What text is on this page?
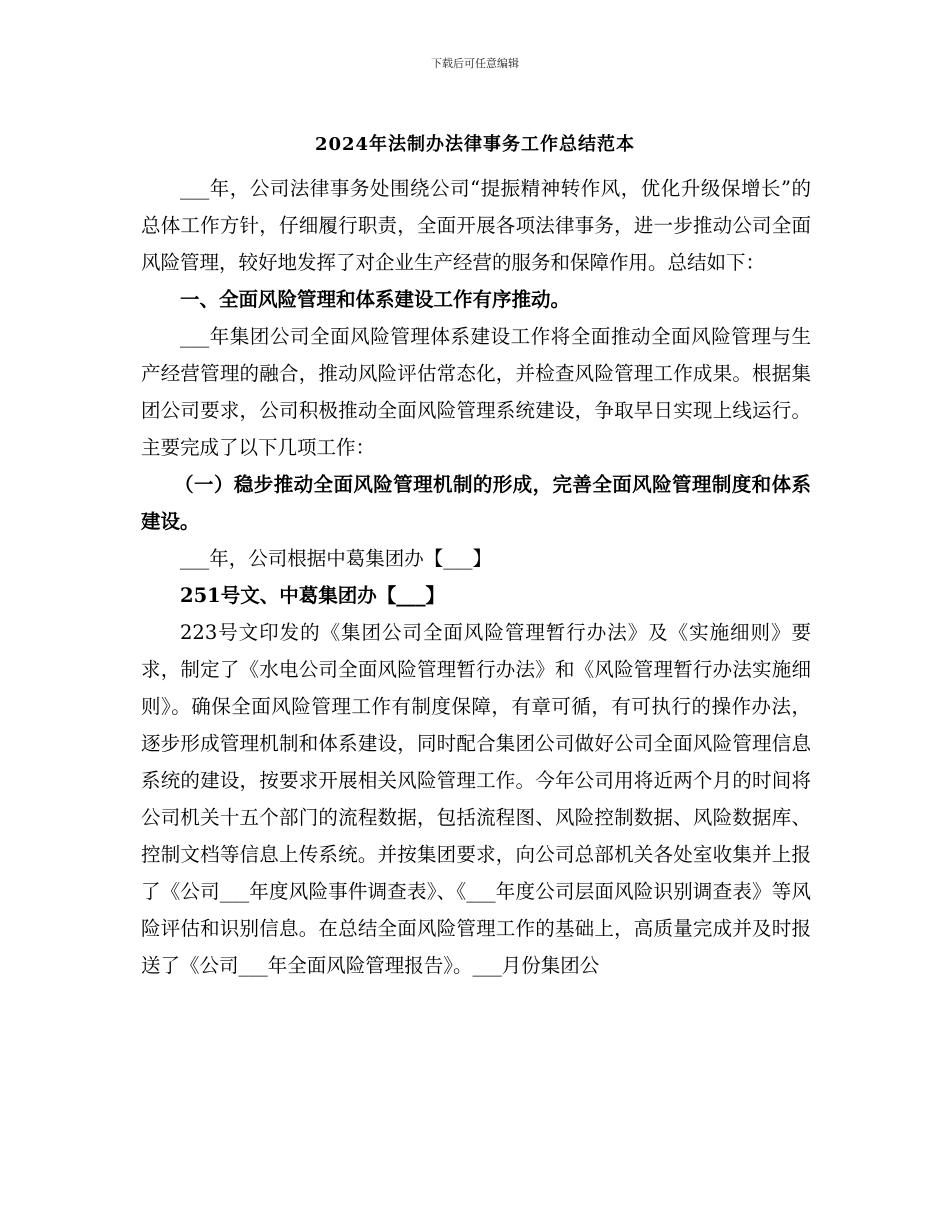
下载后可任意编辑
2024年法制办法律事务工作总结范本

___年，公司法律事务处围绕公司“提振精神转作风，优化升级保增长”的总体工作方针，仔细履行职责，全面开展各项法律事务，进一步推动公司全面风险管理，较好地发挥了对企业生产经营的服务和保障作用。总结如下：

一、全面风险管理和体系建设工作有序推动。

___年集团公司全面风险管理体系建设工作将全面推动全面风险管理与生产经营管理的融合，推动风险评估常态化，并检查风险管理工作成果。根据集团公司要求，公司积极推动全面风险管理系统建设，争取早日实现上线运行。主要完成了以下几项工作：

（一）稳步推动全面风险管理机制的形成，完善全面风险管理制度和体系建设。

___年，公司根据中葛集团办【___】

251号文、中葛集团办【___】

223号文印发的《集团公司全面风险管理暂行办法》及《实施细则》要求，制定了《水电公司全面风险管理暂行办法》和《风险管理暂行办法实施细则》。确保全面风险管理工作有制度保障，有章可循，有可执行的操作办法，逐步形成管理机制和体系建设，同时配合集团公司做好公司全面风险管理信息系统的建设，按要求开展相关风险管理工作。今年公司用将近两个月的时间将公司机关十五个部门的流程数据，包括流程图、风险控制数据、风险数据库、控制文档等信息上传系统。并按集团要求，向公司总部机关各处室收集并上报了《公司___年度风险事件调查表》、《___年度公司层面风险识别调查表》等风险评估和识别信息。在总结全面风险管理工作的基础上，高质量完成并及时报送了《公司___年全面风险管理报告》。___月份集团公
